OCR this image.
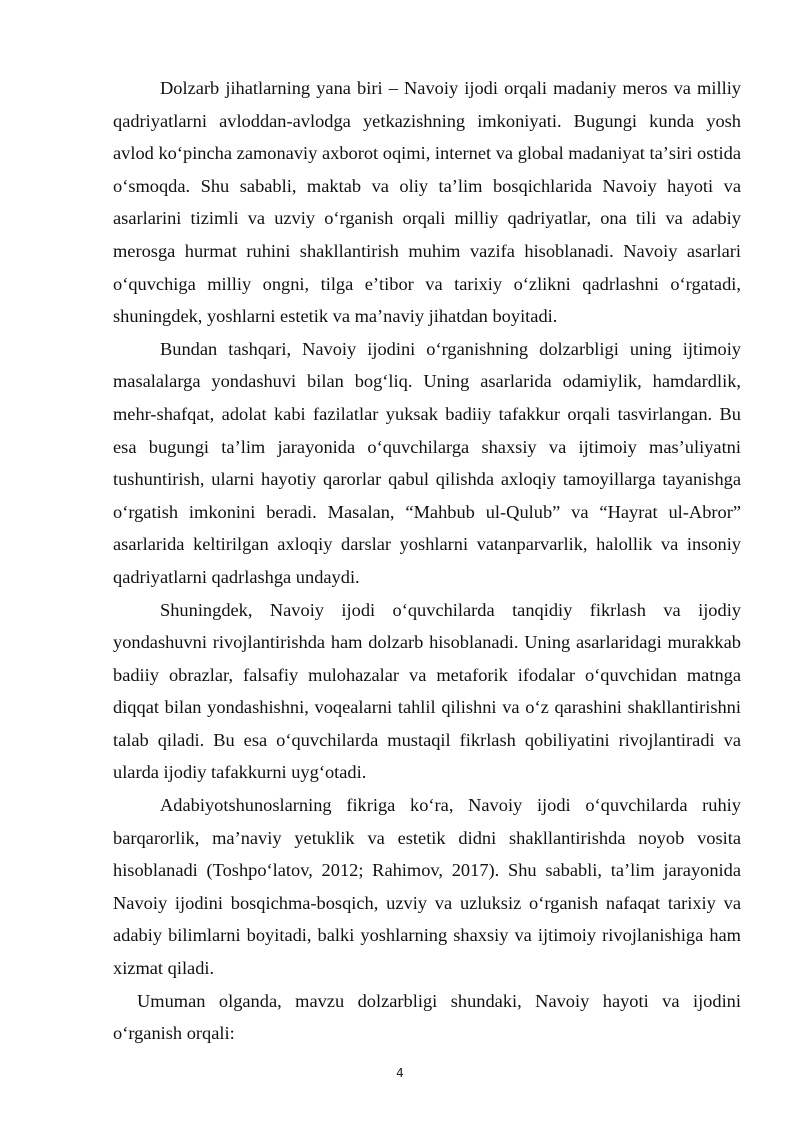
Dolzarb jihatlarning yana biri – Navoiy ijodi orqali madaniy meros va milliy qadriyatlarni avloddan-avlodga yetkazishning imkoniyati. Bugungi kunda yosh avlod koʻpincha zamonaviy axborot oqimi, internet va global madaniyat taʼsiri ostida oʻsmoqda. Shu sababli, maktab va oliy taʼlim bosqichlarida Navoiy hayoti va asarlarini tizimli va uzviy oʻrganish orqali milliy qadriyatlar, ona tili va adabiy merosga hurmat ruhini shakllantirish muhim vazifa hisoblanadi. Navoiy asarlari oʻquvchiga milliy ongni, tilga eʼtibor va tarixiy oʻzlikni qadrlashni oʻrgatadi, shuningdek, yoshlarni estetik va maʼnaviy jihatdan boyitadi.

Bundan tashqari, Navoiy ijodini oʻrganishning dolzarbligi uning ijtimoiy masalalarga yondashuvi bilan bogʻliq. Uning asarlarida odamiylik, hamdardlik, mehr-shafqat, adolat kabi fazilatlar yuksak badiiy tafakkur orqali tasvirlangan. Bu esa bugungi taʼlim jarayonida oʻquvchilarga shaxsiy va ijtimoiy masʼuliyatni tushuntirish, ularni hayotiy qarorlar qabul qilishda axloqiy tamoyillarga tayanishga oʻrgatish imkonini beradi. Masalan, “Mahbub ul-Qulub” va “Hayrat ul-Abror” asarlarida keltirilgan axloqiy darslar yoshlarni vatanparvarlik, halollik va insoniy qadriyatlarni qadrlashga undaydi.

Shuningdek, Navoiy ijodi oʻquvchilarda tanqidiy fikrlash va ijodiy yondashuvni rivojlantirishda ham dolzarb hisoblanadi. Uning asarlaridagi murakkab badiiy obrazlar, falsafiy mulohazalar va metaforik ifodalar oʻquvchidan matnga diqqat bilan yondashishni, voqealarni tahlil qilishni va oʻz qarashini shakllantirishni talab qiladi. Bu esa oʻquvchilarda mustaqil fikrlash qobiliyatini rivojlantiradi va ularda ijodiy tafakkurni uygʻotadi.

Adabiyotshunoslarning fikriga koʻra, Navoiy ijodi oʻquvchilarda ruhiy barqarorlik, maʼnaviy yetuklik va estetik didni shakllantirishda noyob vosita hisoblanadi (Toshpoʻlatov, 2012; Rahimov, 2017). Shu sababli, taʼlim jarayonida Navoiy ijodini bosqichma-bosqich, uzviy va uzluksiz oʻrganish nafaqat tarixiy va adabiy bilimlarni boyitadi, balki yoshlarning shaxsiy va ijtimoiy rivojlanishiga ham xizmat qiladi.

Umuman olganda, mavzu dolzarbligi shundaki, Navoiy hayoti va ijodini oʻrganish orqali:

4
